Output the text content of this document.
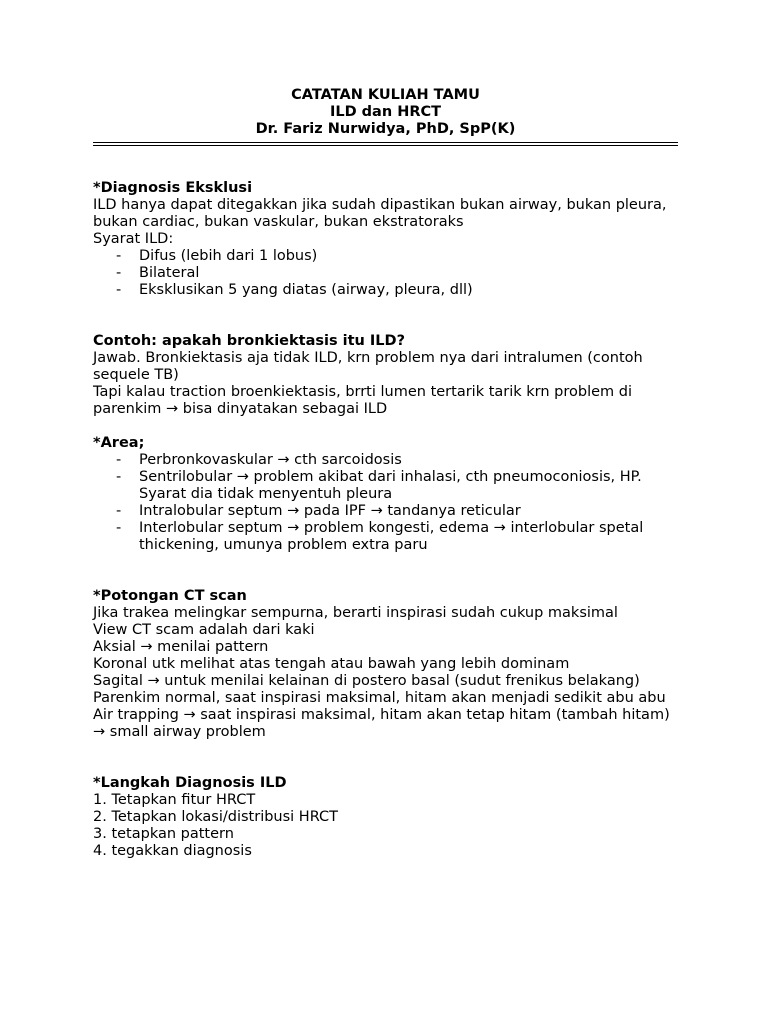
CATATAN KULIAH TAMU
ILD dan HRCT
Dr. Fariz Nurwidya, PhD, SpP(K)
*Diagnosis Eksklusi
ILD hanya dapat ditegakkan jika sudah dipastikan bukan airway, bukan pleura, bukan cardiac, bukan vaskular, bukan ekstratoraks
Syarat ILD:
- Difus (lebih dari 1 lobus)
- Bilateral
- Eksklusikan 5 yang diatas (airway, pleura, dll)
Contoh: apakah bronkiektasis itu ILD?
Jawab. Bronkiektasis aja tidak ILD, krn problem nya dari intralumen (contoh sequele TB)
Tapi kalau traction broenkiektasis, brrti lumen tertarik tarik krn problem di parenkim → bisa dinyatakan sebagai ILD
*Area;
- Perbronkovaskular → cth sarcoidosis
- Sentrilobular → problem akibat dari inhalasi, cth pneumoconiosis, HP. Syarat dia tidak menyentuh pleura
- Intralobular septum → pada IPF → tandanya reticular
- Interlobular septum → problem kongesti, edema → interlobular spetal thickening, umunya problem extra paru
*Potongan CT scan
Jika trakea melingkar sempurna, berarti inspirasi sudah cukup maksimal
View CT scam adalah dari kaki
Aksial → menilai pattern
Koronal utk melihat atas tengah atau bawah yang lebih dominam
Sagital → untuk menilai kelainan di postero basal (sudut frenikus belakang)
Parenkim normal, saat inspirasi maksimal, hitam akan menjadi sedikit abu abu
Air trapping → saat inspirasi maksimal, hitam akan tetap hitam (tambah hitam) → small airway problem
*Langkah Diagnosis ILD
1. Tetapkan fitur HRCT
2. Tetapkan lokasi/distribusi HRCT
3. tetapkan pattern
4. tegakkan diagnosis
